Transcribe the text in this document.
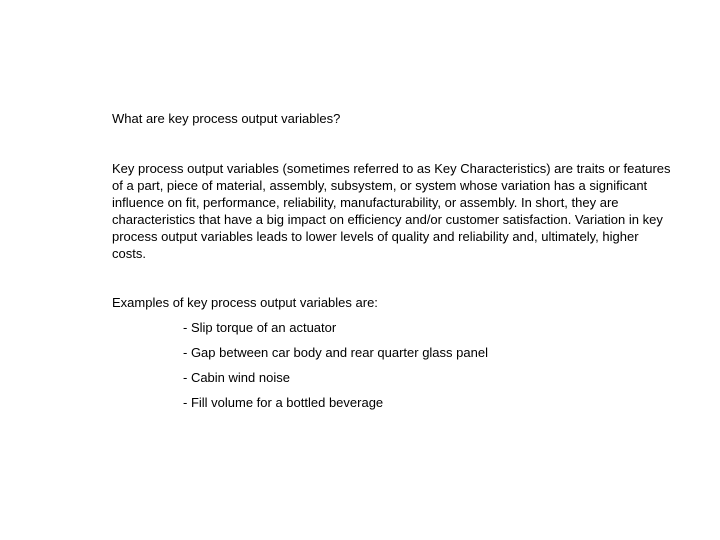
What are key process output variables?

Key process output variables (sometimes referred to as Key Characteristics) are traits or features of a part, piece of material, assembly, subsystem, or system whose variation has a significant influence on fit, performance, reliability, manufacturability, or assembly. In short, they are characteristics that have a big impact on efficiency and/or customer satisfaction. Variation in key process output variables leads to lower levels of quality and reliability and, ultimately, higher costs.

Examples of key process output variables are:
- Slip torque of an actuator
- Gap between car body and rear quarter glass panel
- Cabin wind noise
- Fill volume for a bottled beverage
